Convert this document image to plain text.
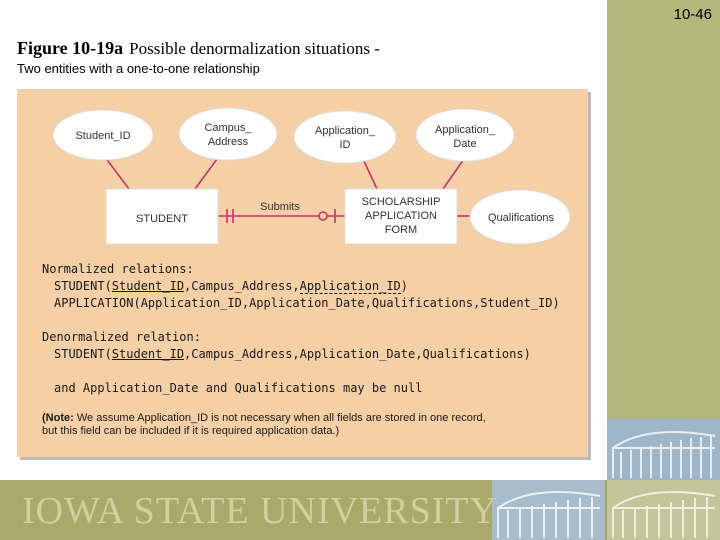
10-46
Figure 10-19a Possible denormalization situations -
Two entities with a one-to-one relationship
Student_ID
Campus_
Address
Application_
ID
Application_
Date
Qualifications
STUDENT
SCHOLARSHIP
APPLICATION
FORM
Submits
Normalized relations:
STUDENT(Student_ID,Campus_Address,Application_ID)
APPLICATION(Application_ID,Application_Date,Qualifications,Student_ID)
Denormalized relation:
STUDENT(Student_ID,Campus_Address,Application_Date,Qualifications)
and Application_Date and Qualifications may be null
(Note: We assume Application_ID is not necessary when all fields are stored in one record,
but this field can be included if it is required application data.)
IOWA STATE UNIVERSITY
